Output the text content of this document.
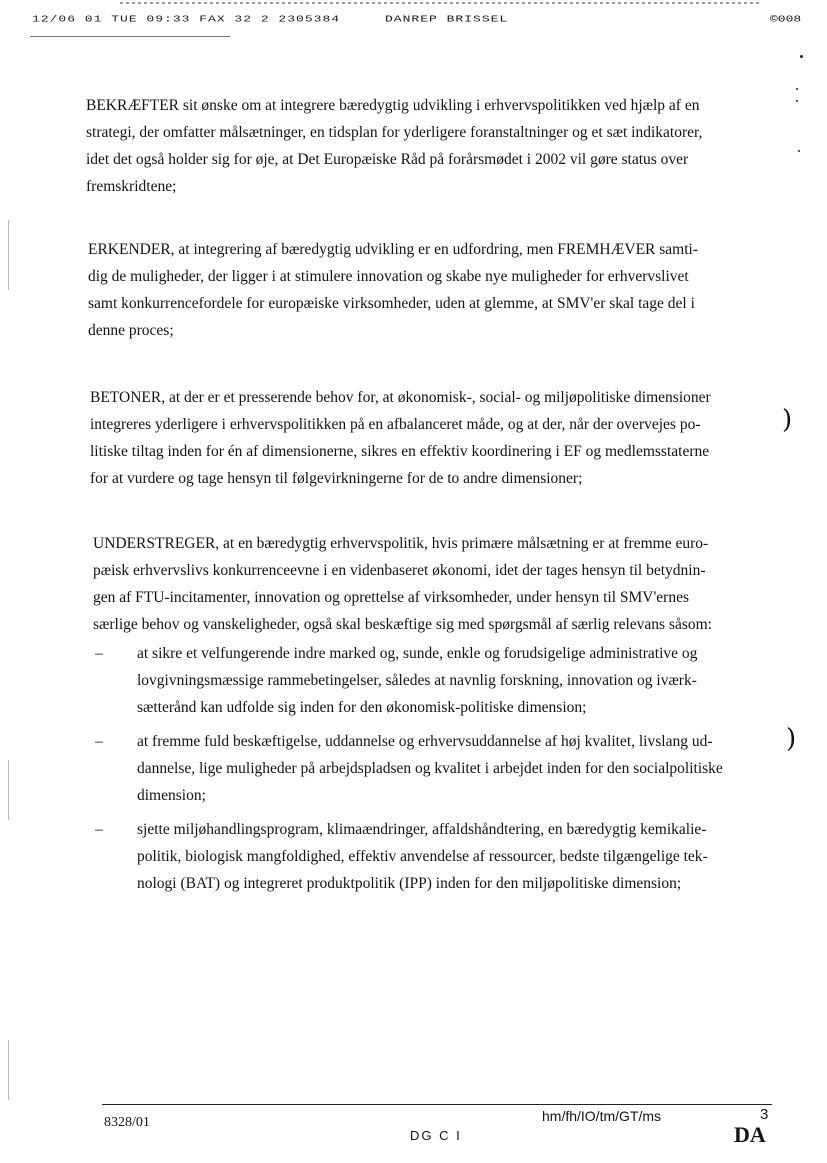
12/06 01 TUE 09:33 FAX 32 2 2305384	DANREP BRISSEL	©008
BEKRÆFTER sit ønske om at integrere bæredygtig udvikling i erhvervspolitikken ved hjælp af en
strategi, der omfatter målsætninger, en tidsplan for yderligere foranstaltninger og et sæt indikatorer,
idet det også holder sig for øje, at Det Europæiske Råd på forårsmødet i 2002 vil gøre status over
fremskridtene;
ERKENDER, at integrering af bæredygtig udvikling er en udfordring, men FREMHÆVER samti-
dig de muligheder, der ligger i at stimulere innovation og skabe nye muligheder for erhvervslivet
samt konkurrencefordele for europæiske virksomheder, uden at glemme, at SMV'er skal tage del i
denne proces;
BETONER, at der er et presserende behov for, at økonomisk-, social- og miljøpolitiske dimensioner
integreres yderligere i erhvervspolitikken på en afbalanceret måde, og at der, når der overvejes po-
litiske tiltag inden for én af dimensionerne, sikres en effektiv koordinering i EF og medlemsstaterne
for at vurdere og tage hensyn til følgevirkningerne for de to andre dimensioner;
UNDERSTREGER, at en bæredygtig erhvervspolitik, hvis primære målsætning er at fremme euro-
pæisk erhvervslivs konkurrenceevne i en videnbaseret økonomi, idet der tages hensyn til betydnin-
gen af FTU-incitamenter, innovation og oprettelse af virksomheder, under hensyn til SMV'ernes
særlige behov og vanskeligheder, også skal beskæftige sig med spørgsmål af særlig relevans såsom:
– at sikre et velfungerende indre marked og, sunde, enkle og forudsigelige administrative og
lovgivningsmæssige rammebetingelser, således at navnlig forskning, innovation og iværk-
sætterånd kan udfolde sig inden for den økonomisk-politiske dimension;
– at fremme fuld beskæftigelse, uddannelse og erhvervsuddannelse af høj kvalitet, livslang ud-
dannelse, lige muligheder på arbejdspladsen og kvalitet i arbejdet inden for den socialpolitiske
dimension;
– sjette miljøhandlingsprogram, klimaændringer, affaldshåndtering, en bæredygtig kemikalie-
politik, biologisk mangfoldighed, effektiv anvendelse af ressourcer, bedste tilgængelige tek-
nologi (BAT) og integreret produktpolitik (IPP) inden for den miljøpolitiske dimension;
)
)
8328/01	hm/fh/IO/tm/GT/ms	3
DA
DG C I
